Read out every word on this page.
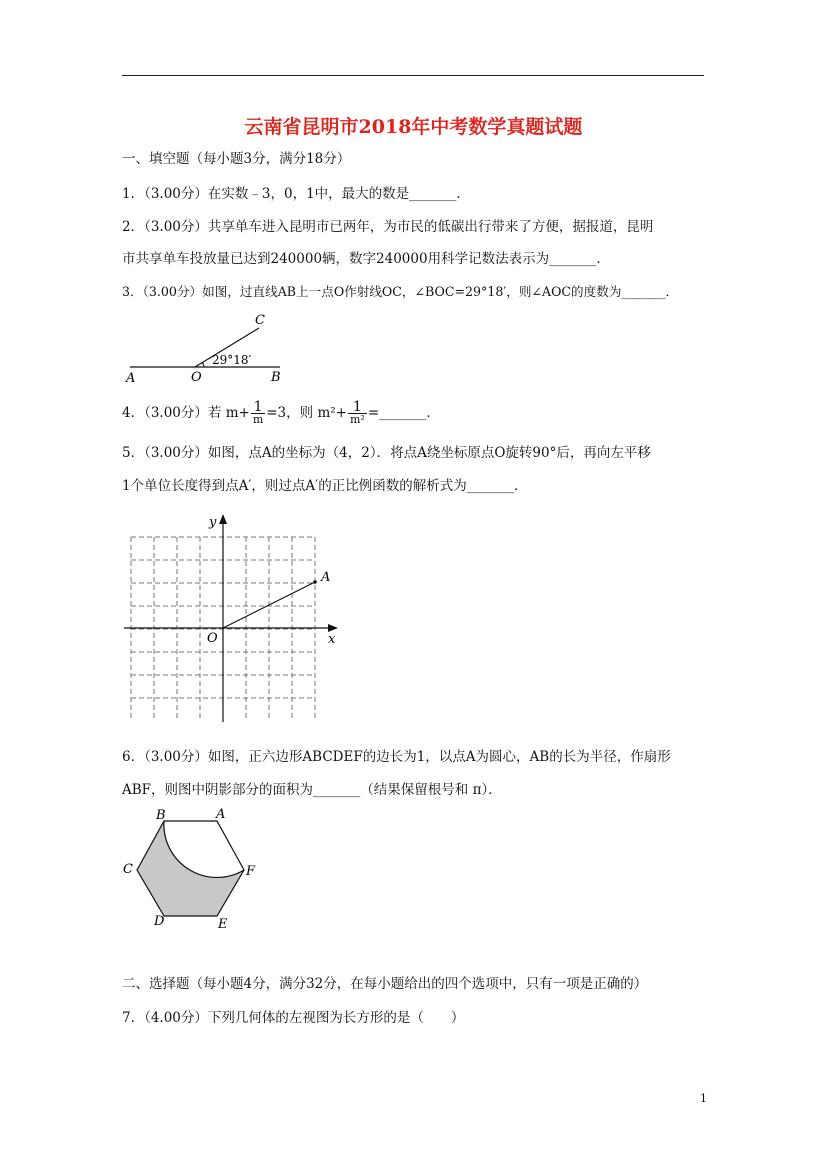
云南省昆明市2018年中考数学真题试题
一、填空题（每小题3分，满分18分）
1．（3.00分）在实数﹣3，0，1中，最大的数是_______．
2．（3.00分）共享单车进入昆明市已两年，为市民的低碳出行带来了方便，据报道，昆明
市共享单车投放量已达到240000辆，数字240000用科学记数法表示为_______．
3．（3.00分）如图，过直线AB上一点O作射线OC，∠BOC=29°18′，则∠AOC的度数为_______．
C
A	O	B
29°18′
4．（3.00分）若 $m+ \frac{1}{m} =3$，则 $m^2+ \frac{1}{\text{m²}}$ =_______．
5．（3.00分）如图，点A的坐标为（4，2）．将点A绕坐标原点O旋转90°后，再向左平移
1个单位长度得到点A′，则过点A′的正比例函数的解析式为_______．
y
x
O
A
6．（3.00分）如图，正六边形ABCDEF的边长为1，以点A为圆心，AB的长为半径，作扇形
ABF，则图中阴影部分的面积为_______（结果保留根号和 π）．
B	A
C	F
D	E
二、选择题（每小题4分，满分32分，在每小题给出的四个选项中，只有一项是正确的）
7．（4.00分）下列几何体的左视图为长方形的是（　　）
1
